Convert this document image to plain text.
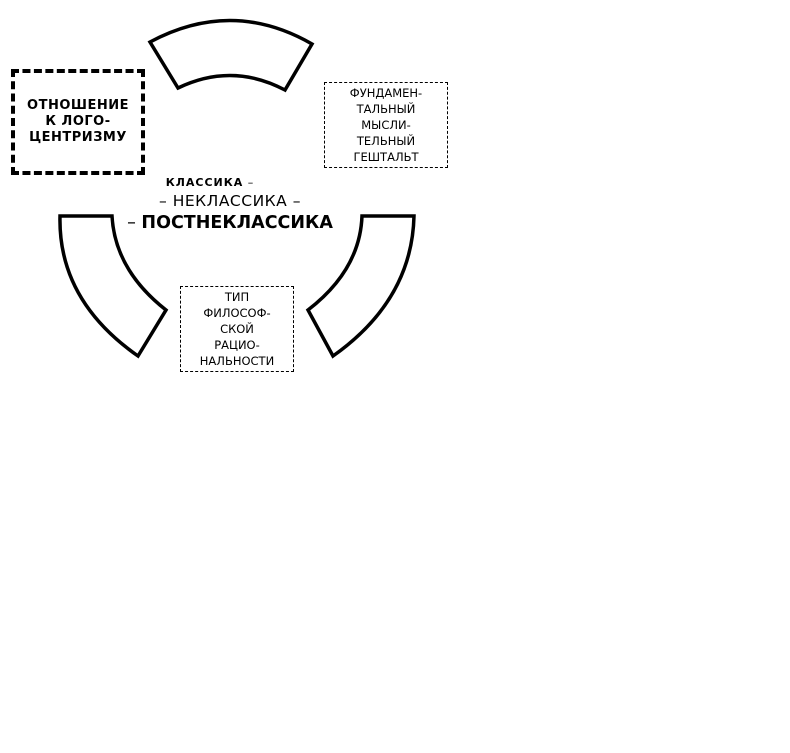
ОТНОШЕНИЕ
К ЛОГО-
ЦЕНТРИЗМУ
ФУНДАМЕН-
ТАЛЬНЫЙ
МЫСЛИ-
ТЕЛЬНЫЙ
ГЕШТАЛЬТ
ТИП
ФИЛОСОФ-
СКОЙ
РАЦИО-
НАЛЬНОСТИ
КЛАССИКА –
– НЕКЛАССИКА –
– ПОСТНЕКЛАССИКА
